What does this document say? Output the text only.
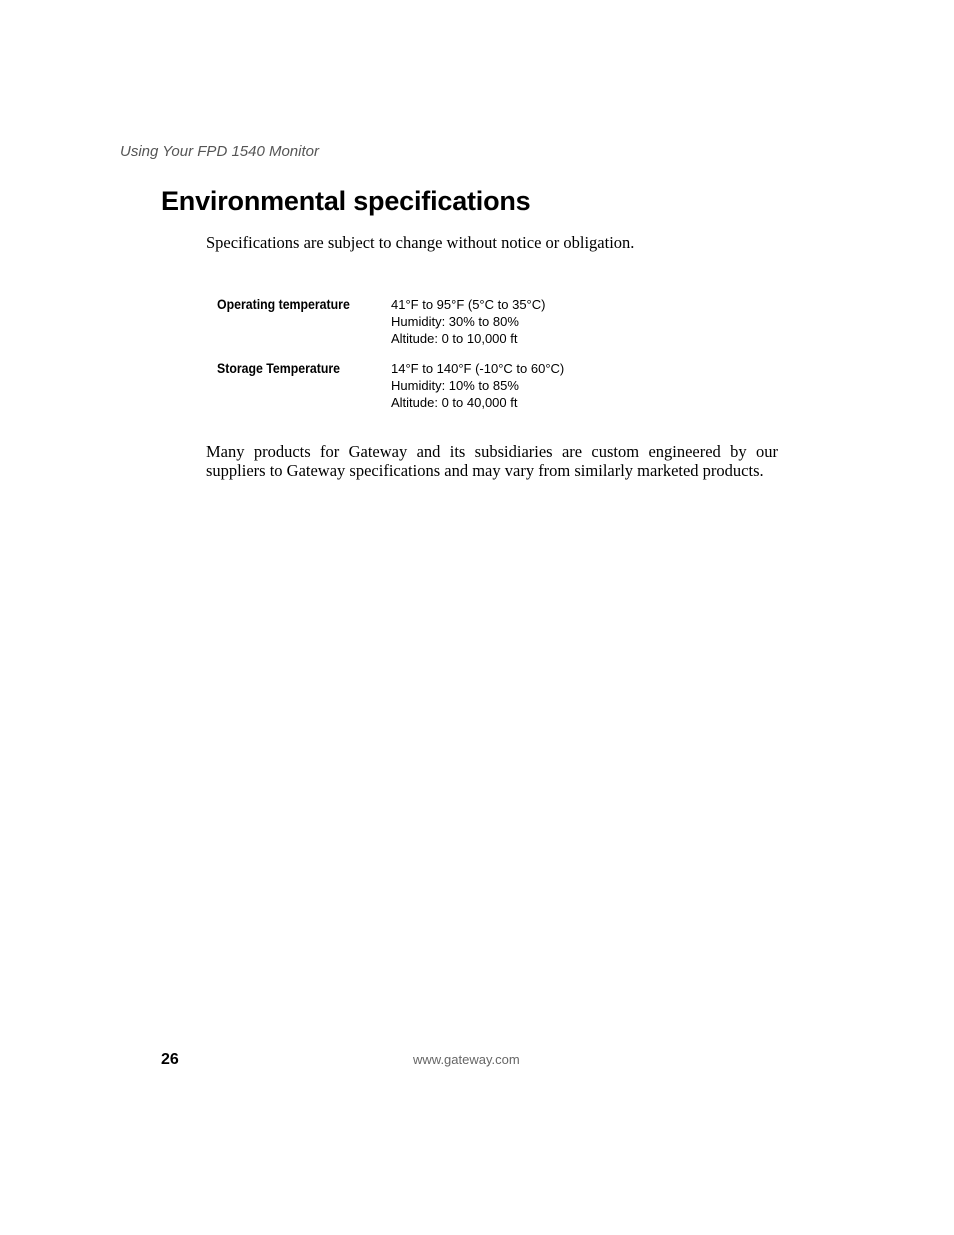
Using Your FPD 1540 Monitor

Environmental specifications

Specifications are subject to change without notice or obligation.

Operating temperature	41°F to 95°F (5°C to 35°C)
Humidity: 30% to 80%
Altitude: 0 to 10,000 ft
Storage Temperature	14°F to 140°F (-10°C to 60°C)
Humidity: 10% to 85%
Altitude: 0 to 40,000 ft

Many products for Gateway and its subsidiaries are custom engineered by our suppliers to Gateway specifications and may vary from similarly marketed products.

26	www.gateway.com
